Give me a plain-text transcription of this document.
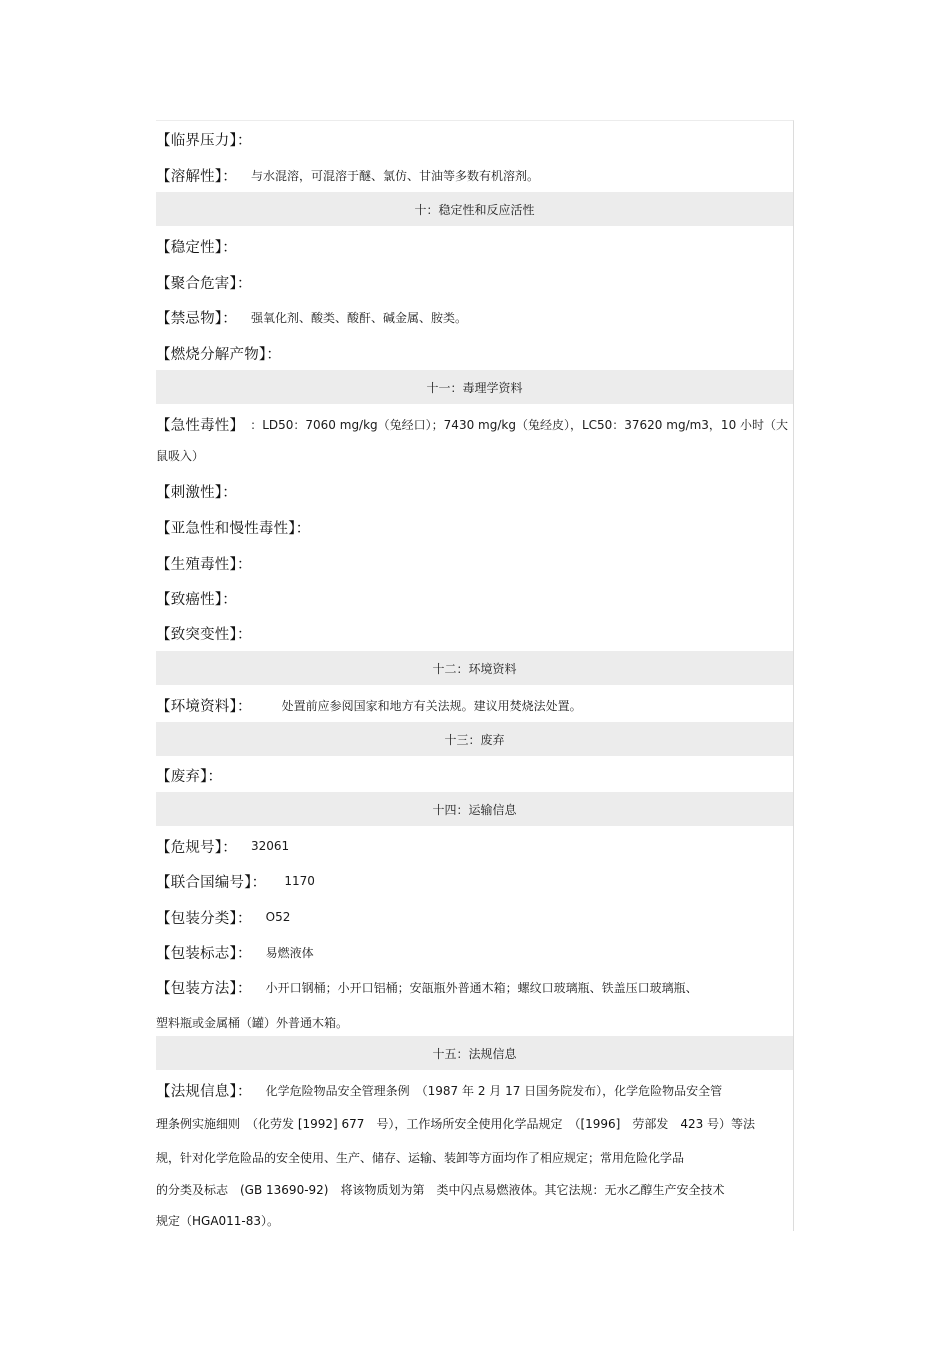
【临界压力】：
【溶解性】： 与水混溶，可混溶于醚、氯仿、甘油等多数有机溶剂。
十：稳定性和反应活性
【稳定性】：
【聚合危害】：
【禁忌物】： 强氧化剂、酸类、酸酐、碱金属、胺类。
【燃烧分解产物】：
十一：毒理学资料
【急性毒性】 ：LD50：7060 mg/kg（兔经口）；7430 mg/kg（兔经皮），LC50：37620 mg/m3，10 小时（大
鼠吸入）
【刺激性】：
【亚急性和慢性毒性】：
【生殖毒性】：
【致癌性】：
【致突变性】：
十二：环境资料
【环境资料】：	处置前应参阅国家和地方有关法规。建议用焚烧法处置。
十三：废弃
【废弃】：
十四：运输信息
【危规号】： 32061
【联合国编号】： 1170
【包装分类】： O52
【包装标志】： 易燃液体
【包装方法】： 小开口钢桶；小开口铝桶；安瓿瓶外普通木箱；螺纹口玻璃瓶、铁盖压口玻璃瓶、
塑料瓶或金属桶（罐）外普通木箱。
十五：法规信息
【法规信息】： 化学危险物品安全管理条例　（1987 年 2 月 17 日国务院发布），化学危险物品安全管
理条例实施细则　（化劳发 [1992] 677　号），工作场所安全使用化学品规定　（[1996]　劳部发　423 号）等法
规，针对化学危险品的安全使用、生产、储存、运输、装卸等方面均作了相应规定；常用危险化学品
的分类及标志　(GB 13690-92)　将该物质划为第　类中闪点易燃液体。其它法规：无水乙醇生产安全技术
规定（HGA011-83）。
